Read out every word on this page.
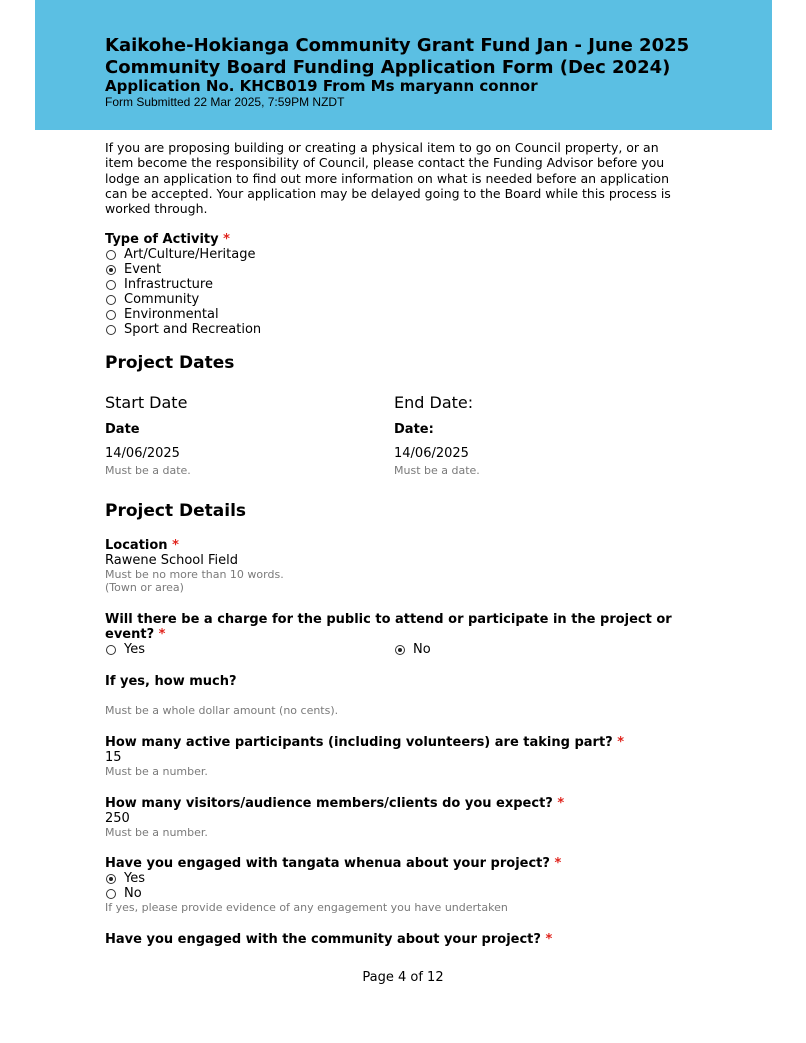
Kaikohe-Hokianga Community Grant Fund Jan - June 2025
Community Board Funding Application Form (Dec 2024)
Application No. KHCB019 From Ms maryann connor
Form Submitted 22 Mar 2025, 7:59PM NZDT
If you are proposing building or creating a physical item to go on Council property, or an item become the responsibility of Council, please contact the Funding Advisor before you lodge an application to find out more information on what is needed before an application can be accepted. Your application may be delayed going to the Board while this process is worked through.
Type of Activity *
Art/Culture/Heritage
Event
Infrastructure
Community
Environmental
Sport and Recreation
Project Dates
Start Date
Date
14/06/2025
Must be a date.
End Date:
Date:
14/06/2025
Must be a date.
Project Details
Location *
Rawene School Field
Must be no more than 10 words.
(Town or area)
Will there be a charge for the public to attend or participate in the project or
event? *
Yes	No
If yes, how much?
Must be a whole dollar amount (no cents).
How many active participants (including volunteers) are taking part? *
15
Must be a number.
How many visitors/audience members/clients do you expect? *
250
Must be a number.
Have you engaged with tangata whenua about your project? *
Yes
No
If yes, please provide evidence of any engagement you have undertaken
Have you engaged with the community about your project? *
Page 4 of 12
